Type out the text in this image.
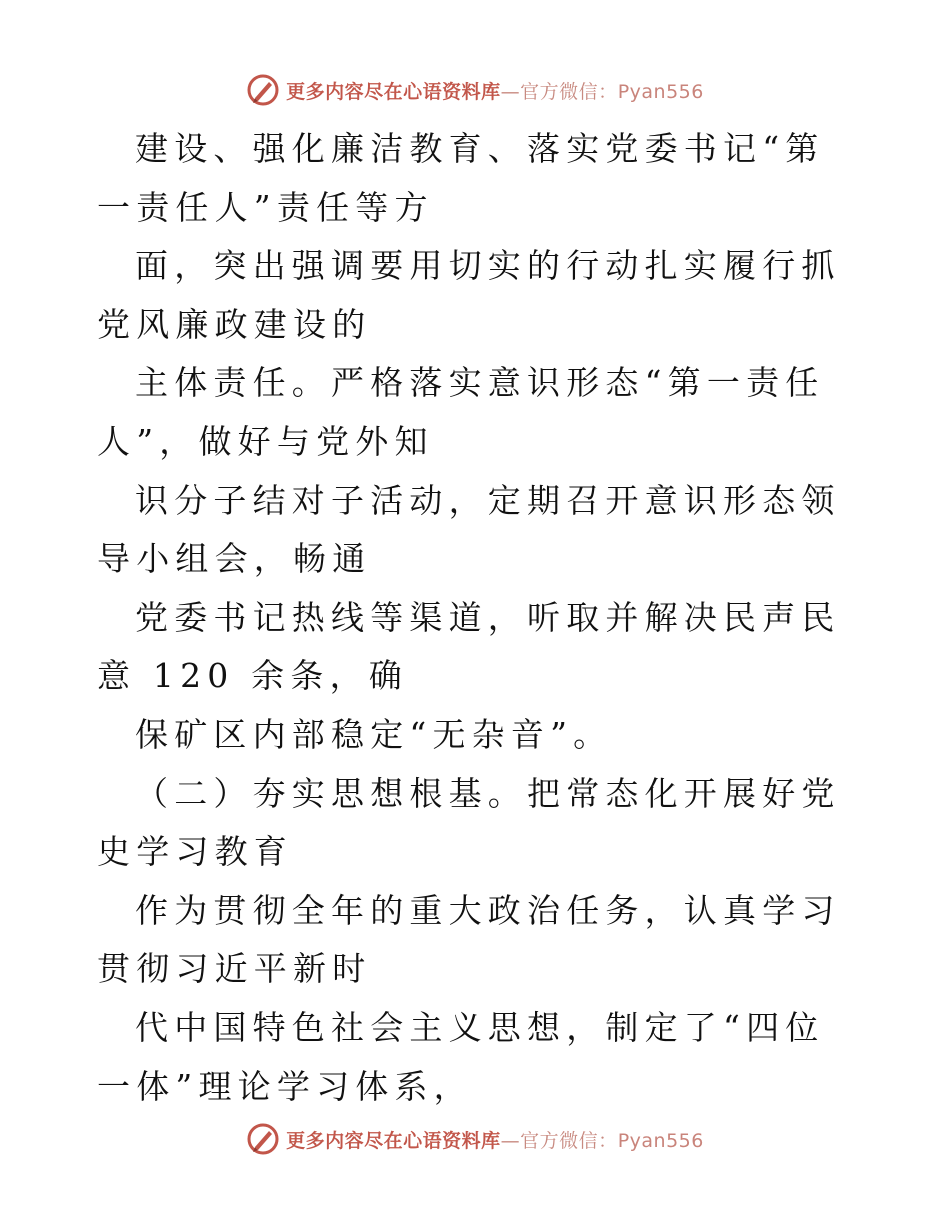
更多内容尽在心语资料库—官方微信：Pyan556

建设、强化廉洁教育、落实党委书记“第一责任人”责任等方

面，突出强调要用切实的行动扎实履行抓党风廉政建设的

主体责任。严格落实意识形态“第一责任人”，做好与党外知

识分子结对子活动，定期召开意识形态领导小组会，畅通

党委书记热线等渠道，听取并解决民声民意 120 余条，确

保矿区内部稳定“无杂音”。

（二）夯实思想根基。把常态化开展好党史学习教育

作为贯彻全年的重大政治任务，认真学习贯彻习近平新时

代中国特色社会主义思想，制定了“四位一体”理论学习体系，

更多内容尽在心语资料库—官方微信：Pyan556
